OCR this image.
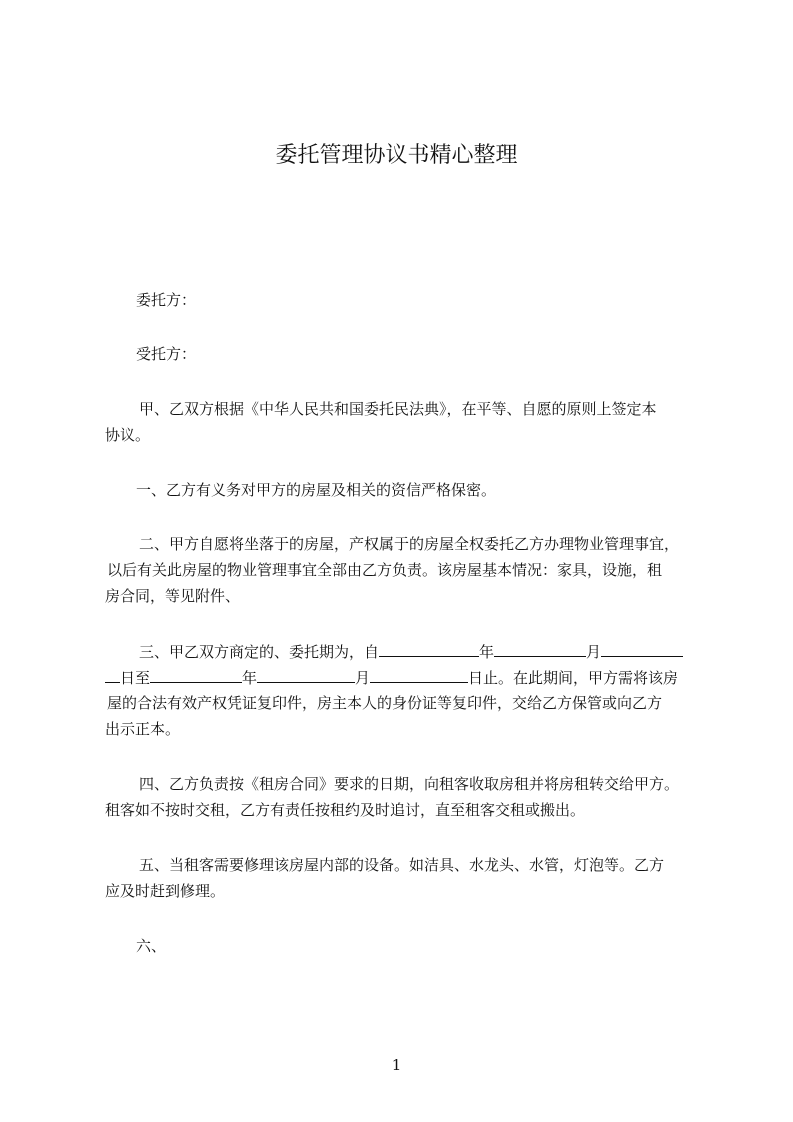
委托管理协议书精心整理
委托方：
受托方：
甲、乙双方根据《中华人民共和国委托民法典》，在平等、自愿的原则上签定本
协议。
一、乙方有义务对甲方的房屋及相关的资信严格保密。
二、甲方自愿将坐落于的房屋，产权属于的房屋全权委托乙方办理物业管理事宜，
以后有关此房屋的物业管理事宜全部由乙方负责。该房屋基本情况：家具，设施，租
房合同，等见附件、
三、甲乙双方商定的、委托期为，自	年	月
日至	年	月	日止。在此期间，甲方需将该房
屋的合法有效产权凭证复印件，房主本人的身份证等复印件，交给乙方保管或向乙方
出示正本。
四、乙方负责按《租房合同》要求的日期，向租客收取房租并将房租转交给甲方。
租客如不按时交租，乙方有责任按租约及时追讨，直至租客交租或搬出。
五、当租客需要修理该房屋内部的设备。如洁具、水龙头、水管，灯泡等。乙方
应及时赶到修理。
六、
1
